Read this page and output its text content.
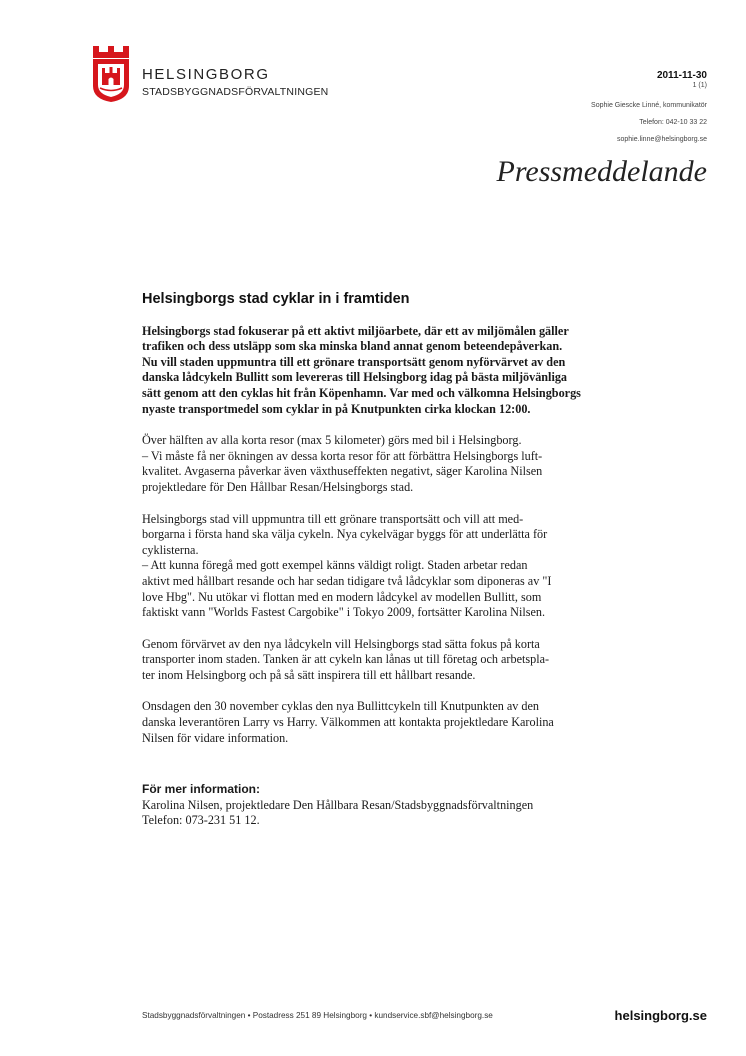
HELSINGBORG
STADSBYGGNADSFÖRVALTNINGEN
2011-11-30
1 (1)
Sophie Giescke Linné, kommunikatör
Telefon: 042-10 33 22
sophie.linne@helsingborg.se
Pressmeddelande
Helsingborgs stad cyklar in i framtiden
Helsingborgs stad fokuserar på ett aktivt miljöarbete, där ett av miljömålen gäller
trafiken och dess utsläpp som ska minska bland annat genom beteendepåverkan.
Nu vill staden uppmuntra till ett grönare transportsätt genom nyförvärvet av den
danska lådcykeln Bullitt som levereras till Helsingborg idag på bästa miljövänliga
sätt genom att den cyklas hit från Köpenhamn. Var med och välkomna Helsingborgs
nyaste transportmedel som cyklar in på Knutpunkten cirka klockan 12:00.
Över hälften av alla korta resor (max 5 kilometer) görs med bil i Helsingborg.
– Vi måste få ner ökningen av dessa korta resor för att förbättra Helsingborgs luft-
kvalitet. Avgaserna påverkar även växthuseffekten negativt, säger Karolina Nilsen
projektledare för Den Hållbar Resan/Helsingborgs stad.
Helsingborgs stad vill uppmuntra till ett grönare transportsätt och vill att med-
borgarna i första hand ska välja cykeln. Nya cykelvägar byggs för att underlätta för
cyklisterna.
– Att kunna föregå med gott exempel känns väldigt roligt. Staden arbetar redan
aktivt med hållbart resande och har sedan tidigare två lådcyklar som diponeras av "I
love Hbg". Nu utökar vi flottan med en modern lådcykel av modellen Bullitt, som
faktiskt vann "Worlds Fastest Cargobike" i Tokyo 2009, fortsätter Karolina Nilsen.
Genom förvärvet av den nya lådcykeln vill Helsingborgs stad sätta fokus på korta
transporter inom staden. Tanken är att cykeln kan lånas ut till företag och arbetspla-
ter inom Helsingborg och på så sätt inspirera till ett hållbart resande.
Onsdagen den 30 november cyklas den nya Bullittcykeln till Knutpunkten av den
danska leverantören Larry vs Harry. Välkommen att kontakta projektledare Karolina
Nilsen för vidare information.
För mer information:
Karolina Nilsen, projektledare Den Hållbara Resan/Stadsbyggnadsförvaltningen
Telefon: 073-231 51 12.
Stadsbyggnadsförvaltningen • Postadress 251 89 Helsingborg • kundservice.sbf@helsingborg.se	helsingborg.se
